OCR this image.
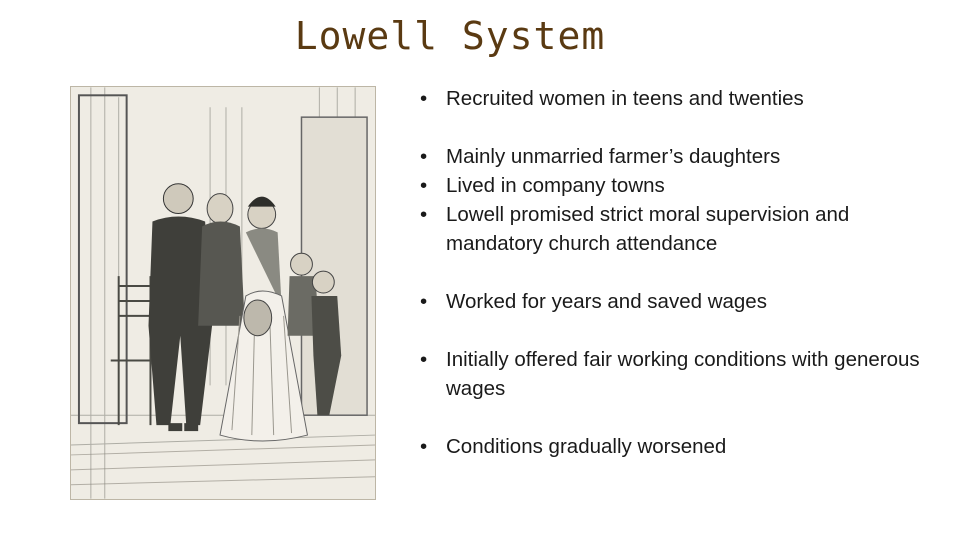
Lowell System
• Recruited women in teens and twenties
• Mainly unmarried farmer’s daughters
• Lived in company towns
• Lowell promised strict moral supervision and mandatory church attendance
• Worked for years and saved wages
• Initially offered fair working conditions with generous wages
• Conditions gradually worsened
